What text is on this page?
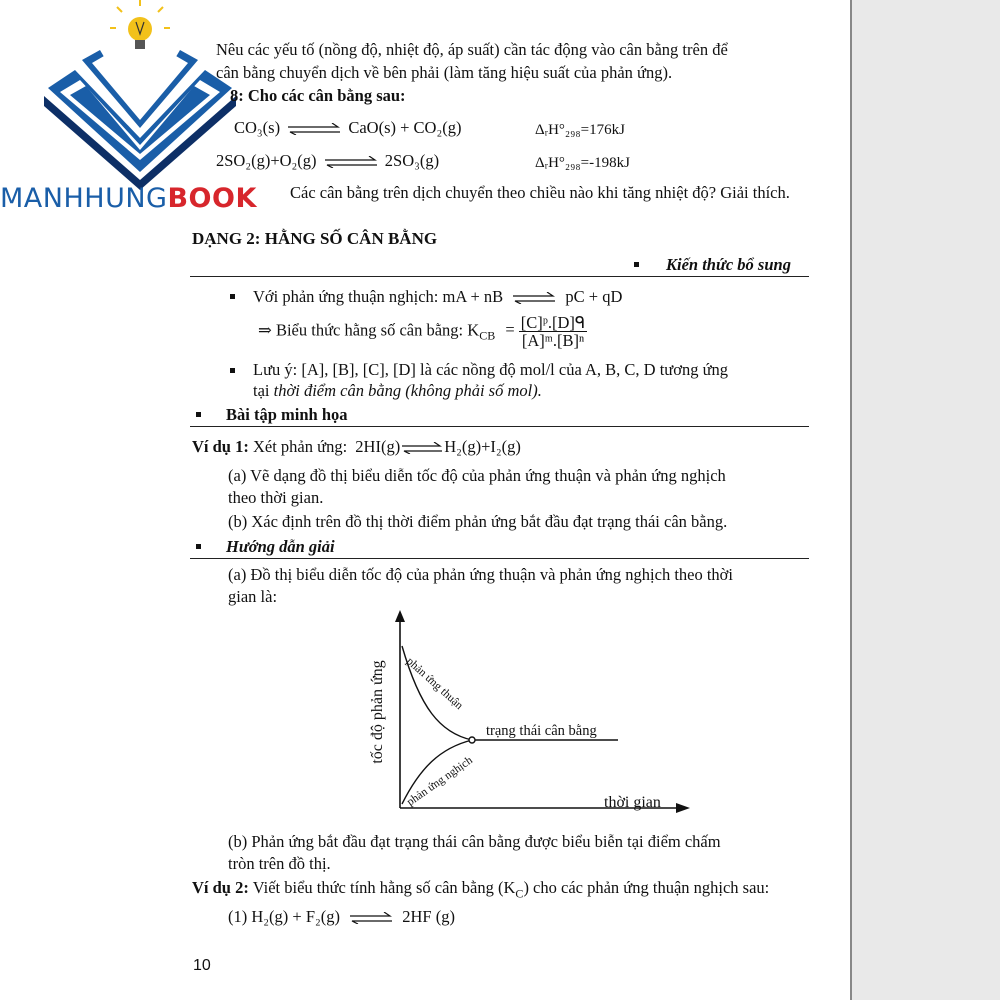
MANHHUNGBOOK
Nêu các yếu tố (nồng độ, nhiệt độ, áp suất) cần tác động vào cân bằng trên để
cân bằng chuyển dịch về bên phải (làm tăng hiệu suất của phản ứng).
8: Cho các cân bằng sau:
CO₃(s) ⇌ CaO(s) + CO₂(g)	ΔᵣH°₂₉₈=176kJ
2SO₂(g)+O₂(g) ⇌ 2SO₃(g)	ΔᵣH°₂₉₈=-198kJ
Các cân bằng trên dịch chuyển theo chiều nào khi tăng nhiệt độ? Giải thích.
DẠNG 2: HẰNG SỐ CÂN BẰNG
Kiến thức bổ sung
Với phản ứng thuận nghịch: mA + nB ⇌ pC + qD
⇒ Biểu thức hằng số cân bằng: $K_{CB} = \frac{\text{[C]ᵖ.[D]ᑫ}}{\text{[A]ᵐ.[B]ⁿ}}$
Lưu ý: [A], [B], [C], [D] là các nồng độ mol/l của A, B, C, D tương ứng
tại thời điểm cân bằng (không phải số mol).
Bài tập minh họa
Ví dụ 1: Xét phản ứng: 2HI(g)⇌H₂(g)+I₂(g)
(a) Vẽ dạng đồ thị biểu diễn tốc độ của phản ứng thuận và phản ứng nghịch
theo thời gian.
(b) Xác định trên đồ thị thời điểm phản ứng bắt đầu đạt trạng thái cân bằng.
Hướng dẫn giải
(a) Đồ thị biểu diễn tốc độ của phản ứng thuận và phản ứng nghịch theo thời
gian là:
tốc độ phản ứng
thời gian
phản ứng thuận
phản ứng nghịch
trạng thái cân bằng
(b) Phản ứng bắt đầu đạt trạng thái cân bằng được biểu biễn tại điểm chấm
tròn trên đồ thị.
Ví dụ 2: Viết biểu thức tính hằng số cân bằng $(K_C)$ cho các phản ứng thuận nghịch sau:
(1) H₂(g) + F₂(g) ⇌ 2HF (g)
10
